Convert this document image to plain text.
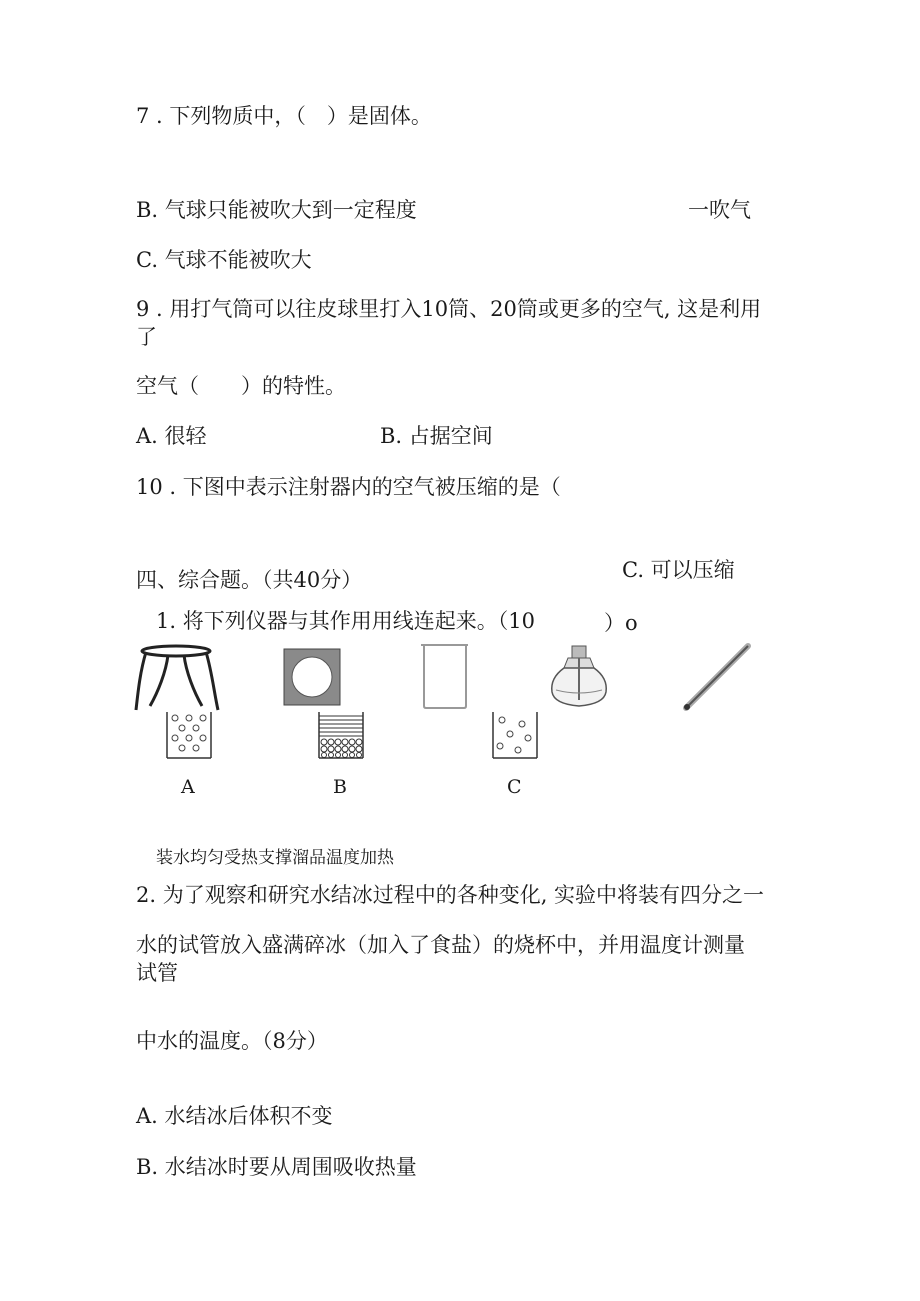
7 . 下列物质中，（　）是固体。
B. 气球只能被吹大到一定程度	一吹气
C. 气球不能被吹大
9 . 用打气筒可以往皮球里打入10筒、20筒或更多的空气, 这是利用
了
空气（　　）的特性。
A. 很轻	B. 占据空间
10 . 下图中表示注射器内的空气被压缩的是（
四、综合题。（共40分）	C. 可以压缩
1. 将下列仪器与其作用用线连起来。（10	）o
A	B	C
装水均匀受热支撑溜品温度加热
2. 为了观察和研究水结冰过程中的各种变化, 实验中将装有四分之一
水的试管放入盛满碎冰（加入了食盐）的烧杯中，并用温度计测量
试管
中水的温度。（8分）
A. 水结冰后体积不变
B. 水结冰时要从周围吸收热量
